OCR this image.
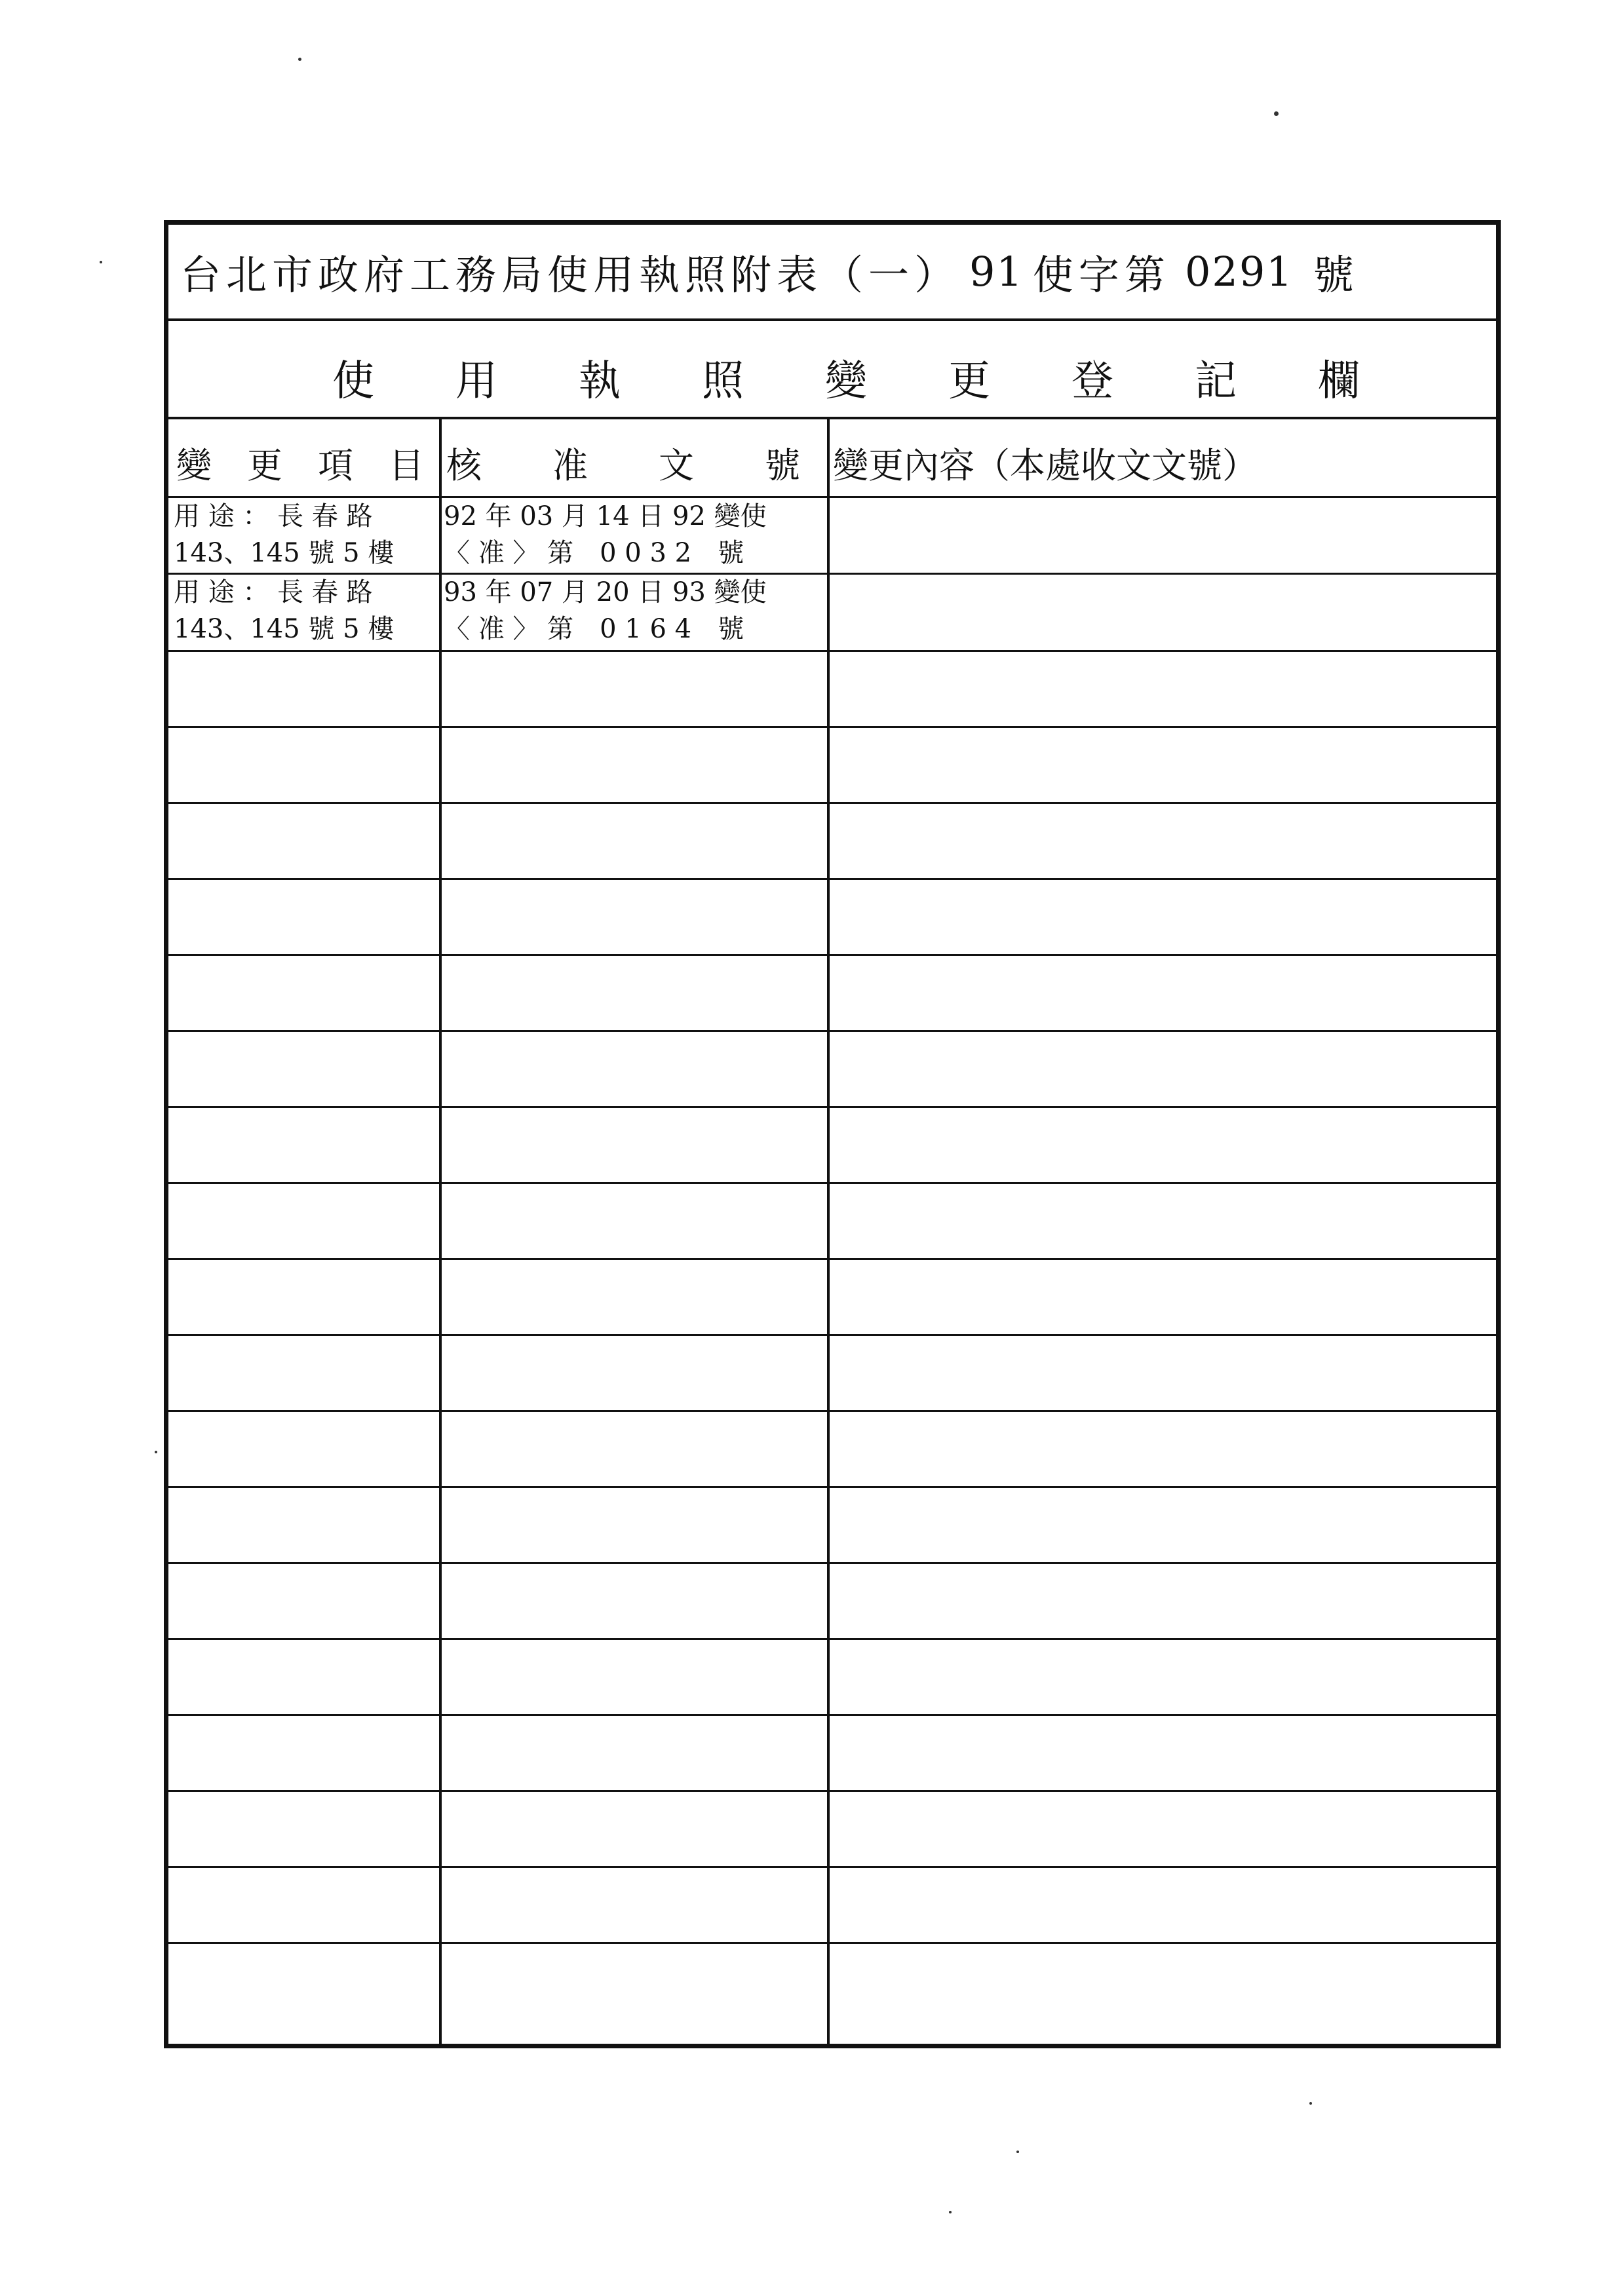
台北市政府工務局使用執照附表（一） 91 使字第 0291 號
使 用 執 照 變 更 登 記 欄
變　更　項　目 核　　准　　文　　號 變更內容（本處收文文號）
用 途 ： 長 春 路
143、145 號 5 樓
92 年 03 月 14 日 92 變使
〈 准 〉 第　0 0 3 2　號
用 途 ： 長 春 路
143、145 號 5 樓
93 年 07 月 20 日 93 變使
〈 准 〉 第　0 1 6 4　號
